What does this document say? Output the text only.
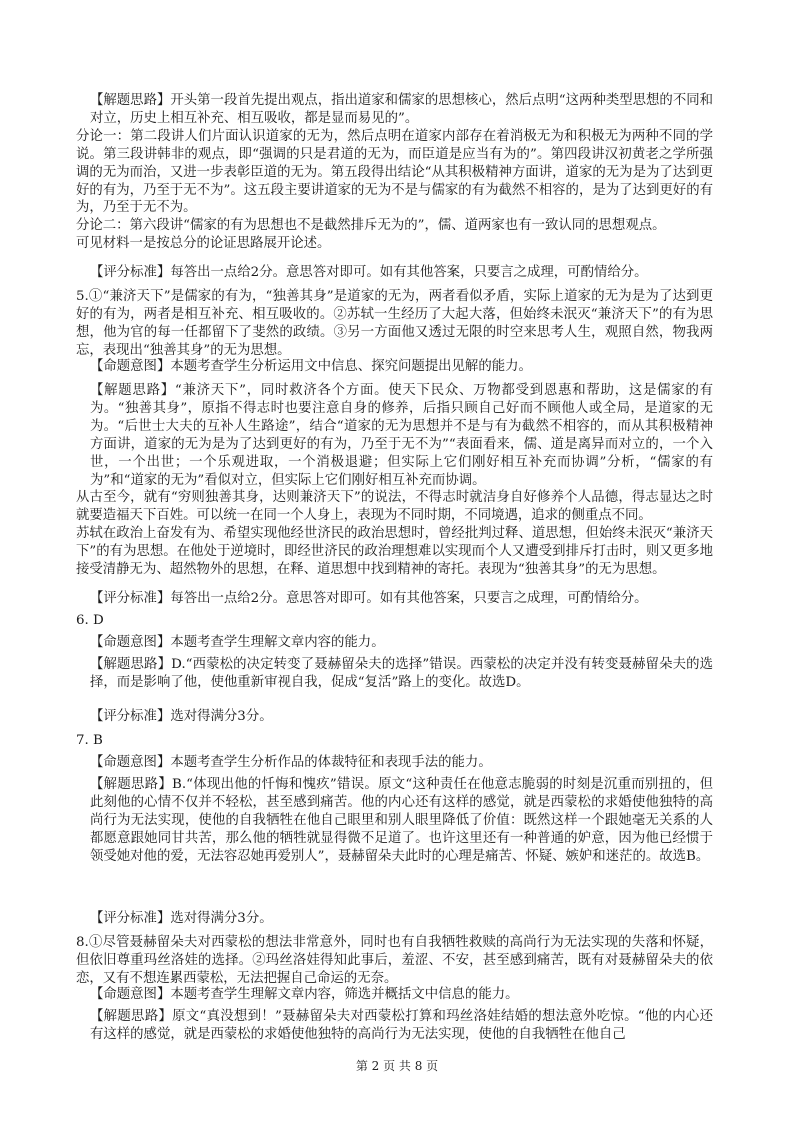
【解题思路】开头第一段首先提出观点，指出道家和儒家的思想核心，然后点明“这两种类型思想的不同和对立，历史上相互补充、相互吸收，都是显而易见的”。

分论一：第二段讲人们片面认识道家的无为，然后点明在道家内部存在着消极无为和积极无为两种不同的学说。第三段讲韩非的观点，即“强调的只是君道的无为，而臣道是应当有为的”。第四段讲汉初黄老之学所强调的无为而治，又进一步表彰臣道的无为。第五段得出结论“从其积极精神方面讲，道家的无为是为了达到更好的有为，乃至于无不为”。这五段主要讲道家的无为不是与儒家的有为截然不相容的，是为了达到更好的有为，乃至于无不为。

分论二：第六段讲“儒家的有为思想也不是截然排斥无为的”，儒、道两家也有一致认同的思想观点。

可见材料一是按总分的论证思路展开论述。

【评分标准】每答出一点给2分。意思答对即可。如有其他答案，只要言之成理，可酌情给分。

5.①“兼济天下”是儒家的有为，“独善其身”是道家的无为，两者看似矛盾，实际上道家的无为是为了达到更好的有为，两者是相互补充、相互吸收的。②苏轼一生经历了大起大落，但始终未泯灭“兼济天下”的有为思想，他为官的每一任都留下了斐然的政绩。③另一方面他又透过无限的时空来思考人生，观照自然，物我两忘，表现出“独善其身”的无为思想。

【命题意图】本题考查学生分析运用文中信息、探究问题提出见解的能力。

【解题思路】“兼济天下”，同时救济各个方面。使天下民众、万物都受到恩惠和帮助，这是儒家的有为。“独善其身”，原指不得志时也要注意自身的修养，后指只顾自己好而不顾他人或全局，是道家的无为。“后世士大夫的互补人生路途”，结合“道家的无为思想并不是与有为截然不相容的，而从其积极精神方面讲，道家的无为是为了达到更好的有为，乃至于无不为”“表面看来，儒、道是离异而对立的，一个入世，一个出世；一个乐观进取，一个消极退避；但实际上它们刚好相互补充而协调”分析，“儒家的有为”和“道家的无为”看似对立，但实际上它们刚好相互补充而协调。

从古至今，就有“穷则独善其身，达则兼济天下”的说法，不得志时就洁身自好修养个人品德，得志显达之时就要造福天下百姓。可以统一在同一个人身上，表现为不同时期，不同境遇，追求的侧重点不同。

苏轼在政治上奋发有为、希望实现他经世济民的政治思想时，曾经批判过释、道思想，但始终未泯灭“兼济天下”的有为思想。在他处于逆境时，即经世济民的政治理想难以实现而个人又遭受到排斥打击时，则又更多地接受清静无为、超然物外的思想，在释、道思想中找到精神的寄托。表现为“独善其身”的无为思想。

【评分标准】每答出一点给2分。意思答对即可。如有其他答案，只要言之成理，可酌情给分。

6. D

【命题意图】本题考查学生理解文章内容的能力。

【解题思路】D.“西蒙松的决定转变了聂赫留朵夫的选择”错误。西蒙松的决定并没有转变聂赫留朵夫的选择，而是影响了他，使他重新审视自我，促成“复活”路上的变化。故选D。

【评分标准】选对得满分3分。

7. B

【命题意图】本题考查学生分析作品的体裁特征和表现手法的能力。

【解题思路】B.“体现出他的忏悔和愧疚”错误。原文“这种责任在他意志脆弱的时刻是沉重而别扭的，但此刻他的心情不仅并不轻松，甚至感到痛苦。他的内心还有这样的感觉，就是西蒙松的求婚使他独特的高尚行为无法实现，使他的自我牺牲在他自己眼里和别人眼里降低了价值：既然这样一个跟她毫无关系的人都愿意跟她同甘共苦，那么他的牺牲就显得微不足道了。也许这里还有一种普通的妒意，因为他已经惯于领受她对他的爱，无法容忍她再爱别人”，聂赫留朵夫此时的心理是痛苦、怀疑、嫉妒和迷茫的。故选B。

【评分标准】选对得满分3分。

8.①尽管聂赫留朵夫对西蒙松的想法非常意外，同时也有自我牺牲救赎的高尚行为无法实现的失落和怀疑，但依旧尊重玛丝洛娃的选择。②玛丝洛娃得知此事后，羞涩、不安，甚至感到痛苦，既有对聂赫留朵夫的依恋，又有不想连累西蒙松，无法把握自己命运的无奈。

【命题意图】本题考查学生理解文章内容，筛选并概括文中信息的能力。

【解题思路】原文“真没想到！”聂赫留朵夫对西蒙松打算和玛丝洛娃结婚的想法意外吃惊。“他的内心还有这样的感觉，就是西蒙松的求婚使他独特的高尚行为无法实现，使他的自我牺牲在他自己

第 2 页 共 8 页
